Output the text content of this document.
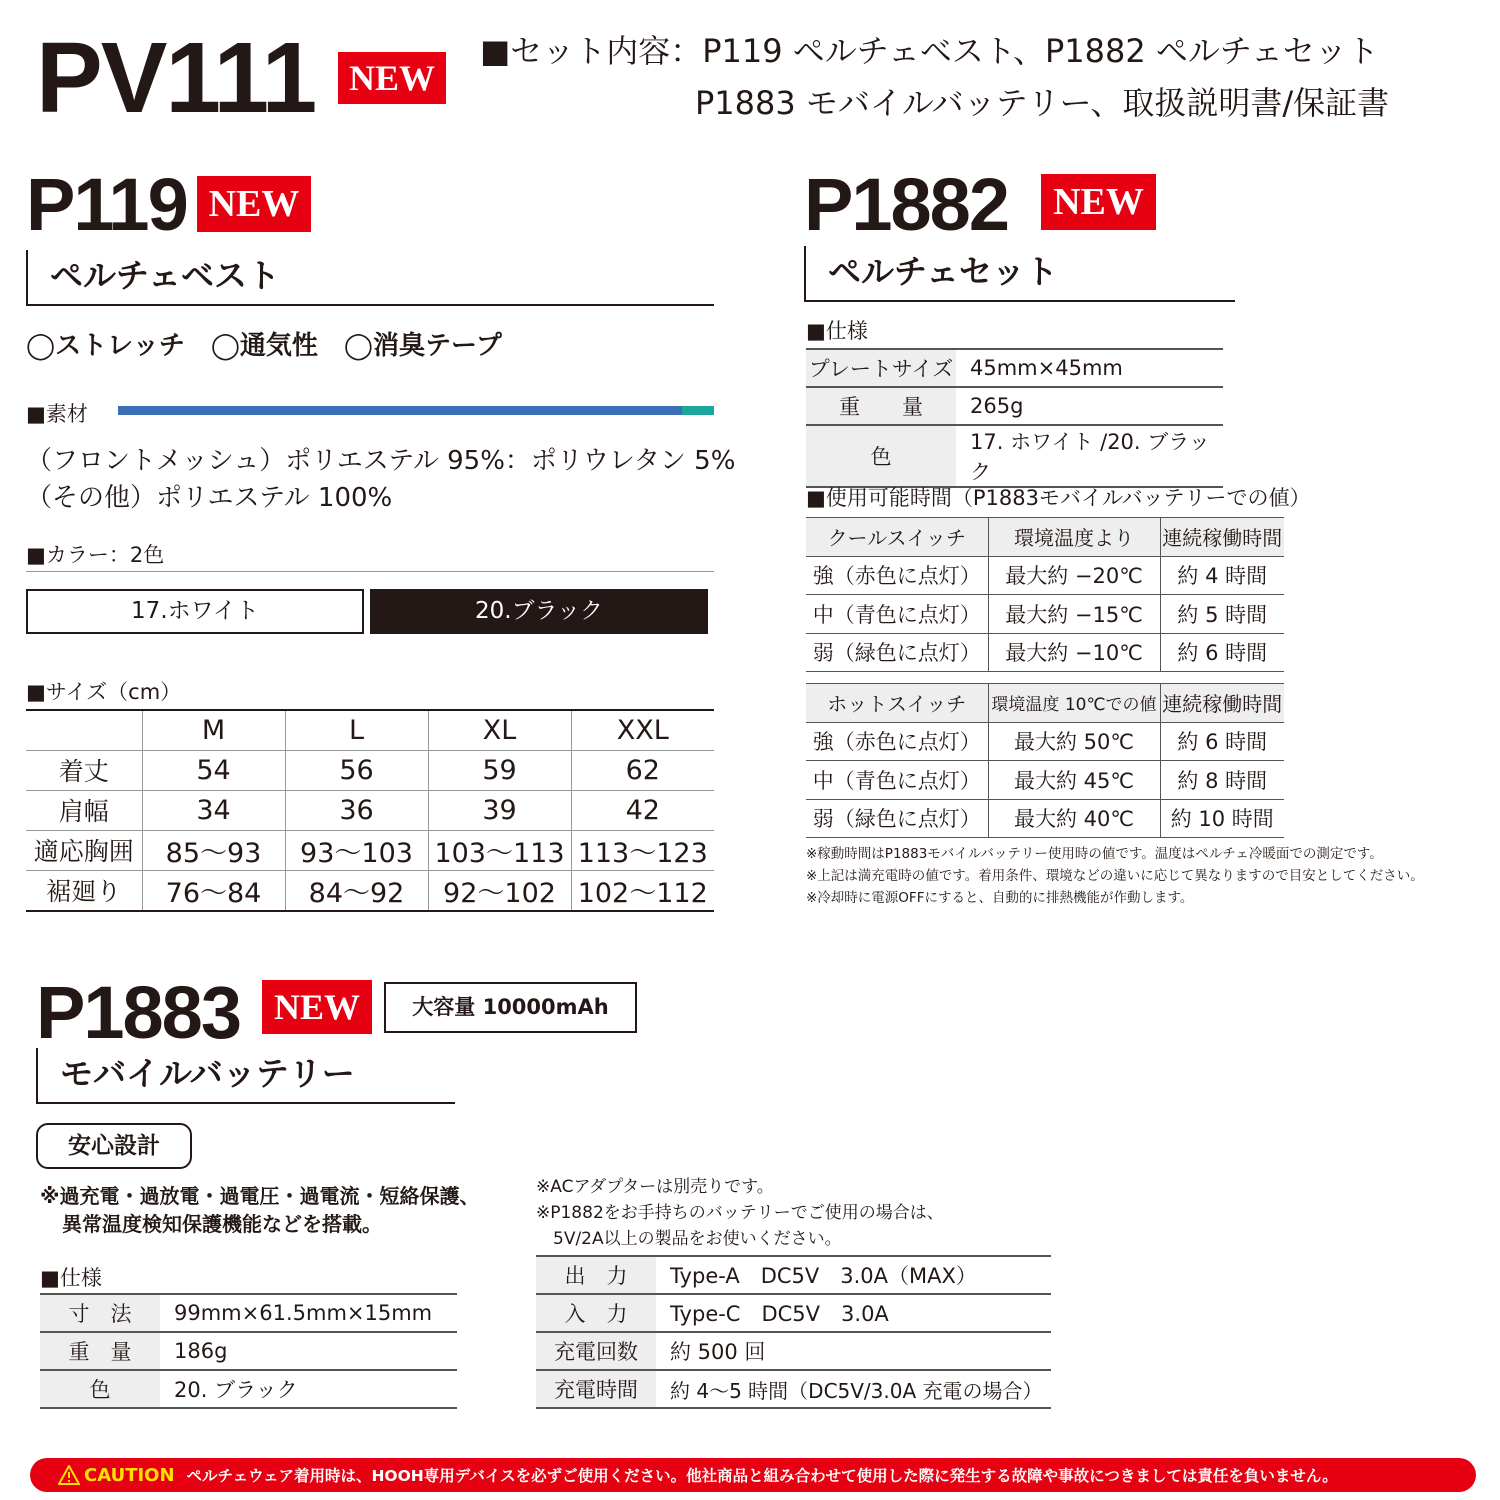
PV111 NEW
■セット内容：P119 ペルチェベスト、P1882 ペルチェセット
P1883 モバイルバッテリー、取扱説明書/保証書
P119 NEW
ペルチェベスト
◯ストレッチ　◯通気性　◯消臭テープ
■素材
（フロントメッシュ）ポリエステル 95%：ポリウレタン 5%
（その他）ポリエステル 100%
■カラー：2色
17.ホワイト	20.ブラック
■サイズ（cm）
	M	L	XL	XXL
着丈	54	56	59	62
肩幅	34	36	39	42
適応胸囲	85～93	93～103	103～113	113～123
裾廻り	76～84	84～92	92～102	102～112
P1882	NEW
ペルチェセット
■仕様
プレートサイズ	45mm×45mm
重　　量	265g
色	17. ホワイト /20. ブラック
■使用可能時間（P1883モバイルバッテリーでの値）
クールスイッチ	環境温度より	連続稼働時間
強（赤色に点灯）	最大約 −20℃	約 4 時間
中（青色に点灯）	最大約 −15℃	約 5 時間
弱（緑色に点灯）	最大約 −10℃	約 6 時間
ホットスイッチ	環境温度 10℃での値	連続稼働時間
強（赤色に点灯）	最大約 50℃	約 6 時間
中（青色に点灯）	最大約 45℃	約 8 時間
弱（緑色に点灯）	最大約 40℃	約 10 時間
※稼動時間はP1883モバイルバッテリー使用時の値です。温度はペルチェ冷暖面での測定です。
※上記は満充電時の値です。着用条件、環境などの違いに応じて異なりますので目安としてください。
※冷却時に電源OFFにすると、自動的に排熱機能が作動します。
P1883 NEW	大容量 10000mAh
モバイルバッテリー
安心設計
※過充電・過放電・過電圧・過電流・短絡保護、
異常温度検知保護機能などを搭載。
■仕様
寸　法	99mm×61.5mm×15mm
重　量	186g
色	20. ブラック
※ACアダプターは別売りです。
※P1882をお手持ちのバッテリーでご使用の場合は、
　5V/2A以上の製品をお使いください。
出　力	Type-A　DC5V　3.0A（MAX）
入　力	Type-C　DC5V　3.0A
充電回数	約 500 回
充電時間	約 4～5 時間（DC5V/3.0A 充電の場合）
CAUTION ペルチェウェア着用時は、HOOH専用デバイスを必ずご使用ください。他社商品と組み合わせて使用した際に発生する故障や事故につきましては責任を負いません。
